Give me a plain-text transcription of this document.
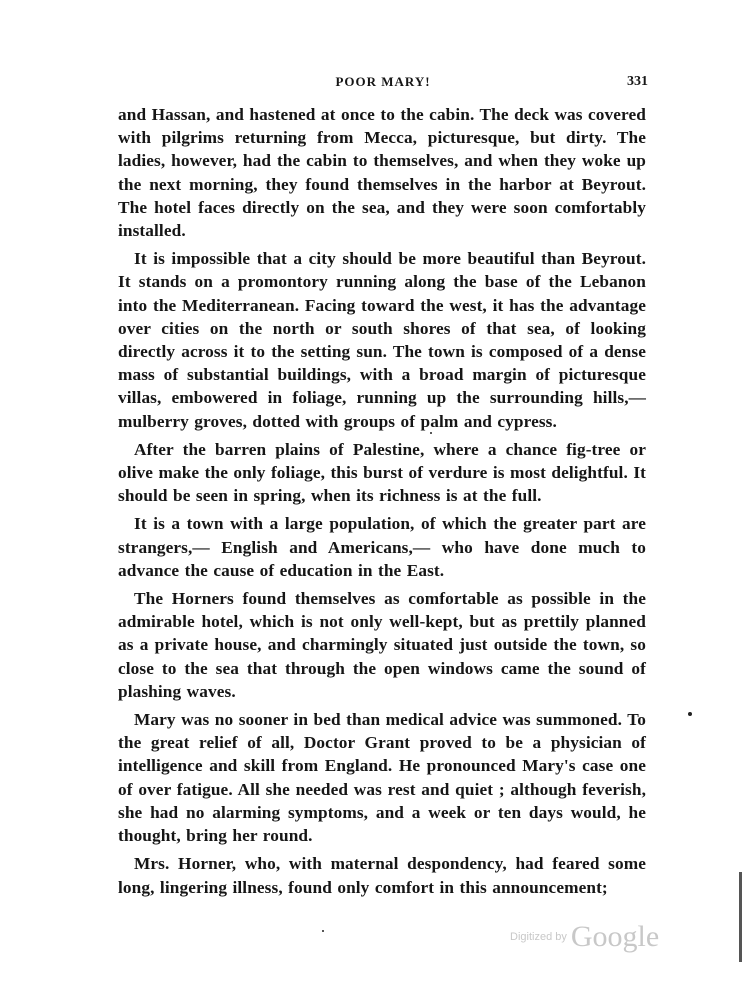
POOR MARY!	331

and Hassan, and hastened at once to the cabin. The deck was covered with pilgrims returning from Mecca, picturesque, but dirty. The ladies, however, had the cabin to themselves, and when they woke up the next morning, they found themselves in the harbor at Beyrout. The hotel faces directly on the sea, and they were soon comfortably installed.

It is impossible that a city should be more beautiful than Beyrout. It stands on a promontory running along the base of the Lebanon into the Mediterranean. Facing toward the west, it has the advantage over cities on the north or south shores of that sea, of looking directly across it to the setting sun. The town is composed of a dense mass of substantial buildings, with a broad margin of picturesque villas, embowered in foliage, running up the surrounding hills,— mulberry groves, dotted with groups of palm and cypress.

After the barren plains of Palestine, where a chance fig-tree or olive make the only foliage, this burst of verdure is most delightful. It should be seen in spring, when its richness is at the full.

It is a town with a large population, of which the greater part are strangers,— English and Americans,— who have done much to advance the cause of education in the East.

The Horners found themselves as comfortable as possible in the admirable hotel, which is not only well-kept, but as prettily planned as a private house, and charmingly situated just outside the town, so close to the sea that through the open windows came the sound of plashing waves.

Mary was no sooner in bed than medical advice was summoned. To the great relief of all, Doctor Grant proved to be a physician of intelligence and skill from England. He pronounced Mary's case one of over fatigue. All she needed was rest and quiet ; although feverish, she had no alarming symptoms, and a week or ten days would, he thought, bring her round.

Mrs. Horner, who, with maternal despondency, had feared some long, lingering illness, found only comfort in this announcement;

Digitized by Google
